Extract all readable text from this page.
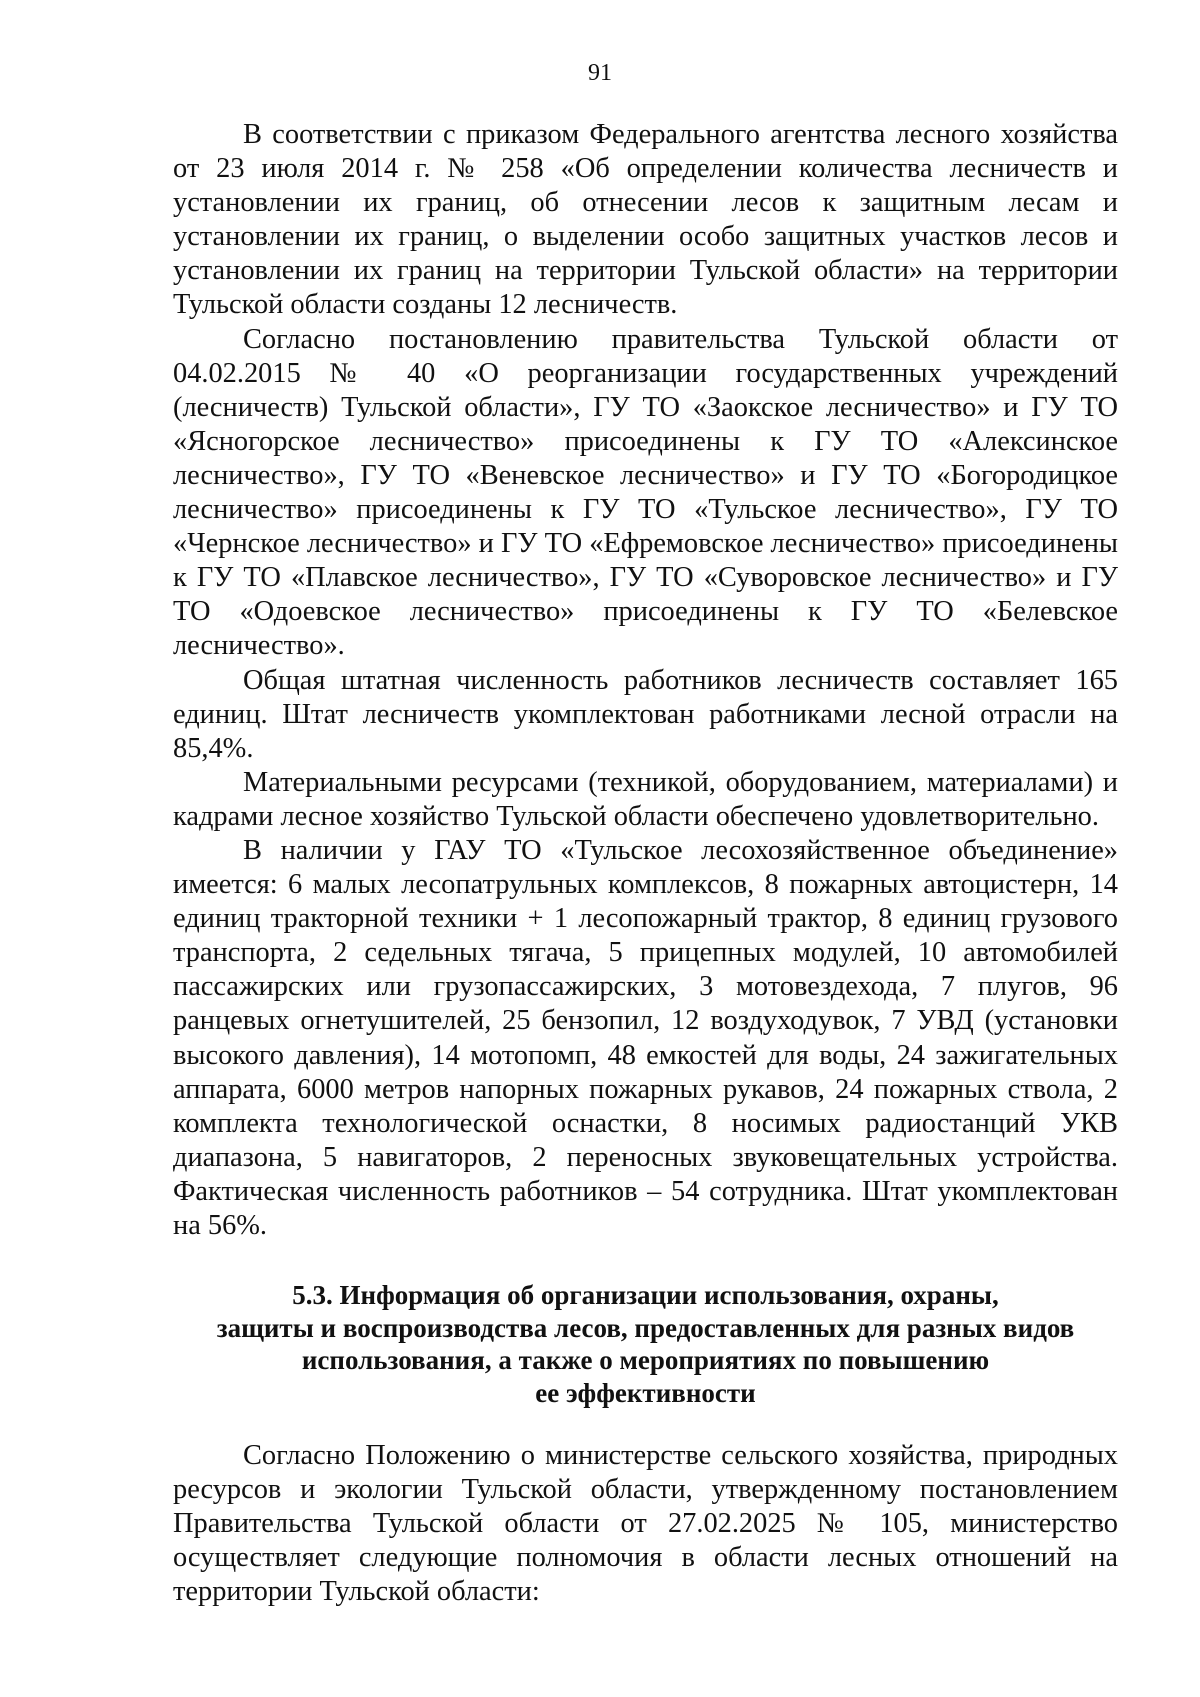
91

В соответствии с приказом Федерального агентства лесного хозяйства от 23 июля 2014 г. № 258 «Об определении количества лесничеств и установлении их границ, об отнесении лесов к защитным лесам и установлении их границ, о выделении особо защитных участков лесов и установлении их границ на территории Тульской области» на территории Тульской области созданы 12 лесничеств.

Согласно постановлению правительства Тульской области от 04.02.2015 № 40 «О реорганизации государственных учреждений (лесничеств) Тульской области», ГУ ТО «Заокское лесничество» и ГУ ТО «Ясногорское лесничество» присоединены к ГУ ТО «Алексинское лесничество», ГУ ТО «Веневское лесничество» и ГУ ТО «Богородицкое лесничество» присоединены к ГУ ТО «Тульское лесничество», ГУ ТО «Чернское лесничество» и ГУ ТО «Ефремовское лесничество» присоединены к ГУ ТО «Плавское лесничество», ГУ ТО «Суворовское лесничество» и ГУ ТО «Одоевское лесничество» присоединены к ГУ ТО «Белевское лесничество».

Общая штатная численность работников лесничеств составляет 165 единиц. Штат лесничеств укомплектован работниками лесной отрасли на 85,4%.

Материальными ресурсами (техникой, оборудованием, материалами) и кадрами лесное хозяйство Тульской области обеспечено удовлетворительно.

В наличии у ГАУ ТО «Тульское лесохозяйственное объединение» имеется: 6 малых лесопатрульных комплексов, 8 пожарных автоцистерн, 14 единиц тракторной техники + 1 лесопожарный трактор, 8 единиц грузового транспорта, 2 седельных тягача, 5 прицепных модулей, 10 автомобилей пассажирских или грузопассажирских, 3 мотовездехода, 7 плугов, 96 ранцевых огнетушителей, 25 бензопил, 12 воздуходувок, 7 УВД (установки высокого давления), 14 мотопомп, 48 емкостей для воды, 24 зажигательных аппарата, 6000 метров напорных пожарных рукавов, 24 пожарных ствола, 2 комплекта технологической оснастки, 8 носимых радиостанций УКВ диапазона, 5 навигаторов, 2 переносных звуковещательных устройства. Фактическая численность работников – 54 сотрудника. Штат укомплектован на 56%.

5.3. Информация об организации использования, охраны,
защиты и воспроизводства лесов, предоставленных для разных видов
использования, а также о мероприятиях по повышению
ее эффективности

Согласно Положению о министерстве сельского хозяйства, природных ресурсов и экологии Тульской области, утвержденному постановлением Правительства Тульской области от 27.02.2025 № 105, министерство осуществляет следующие полномочия в области лесных отношений на территории Тульской области:
